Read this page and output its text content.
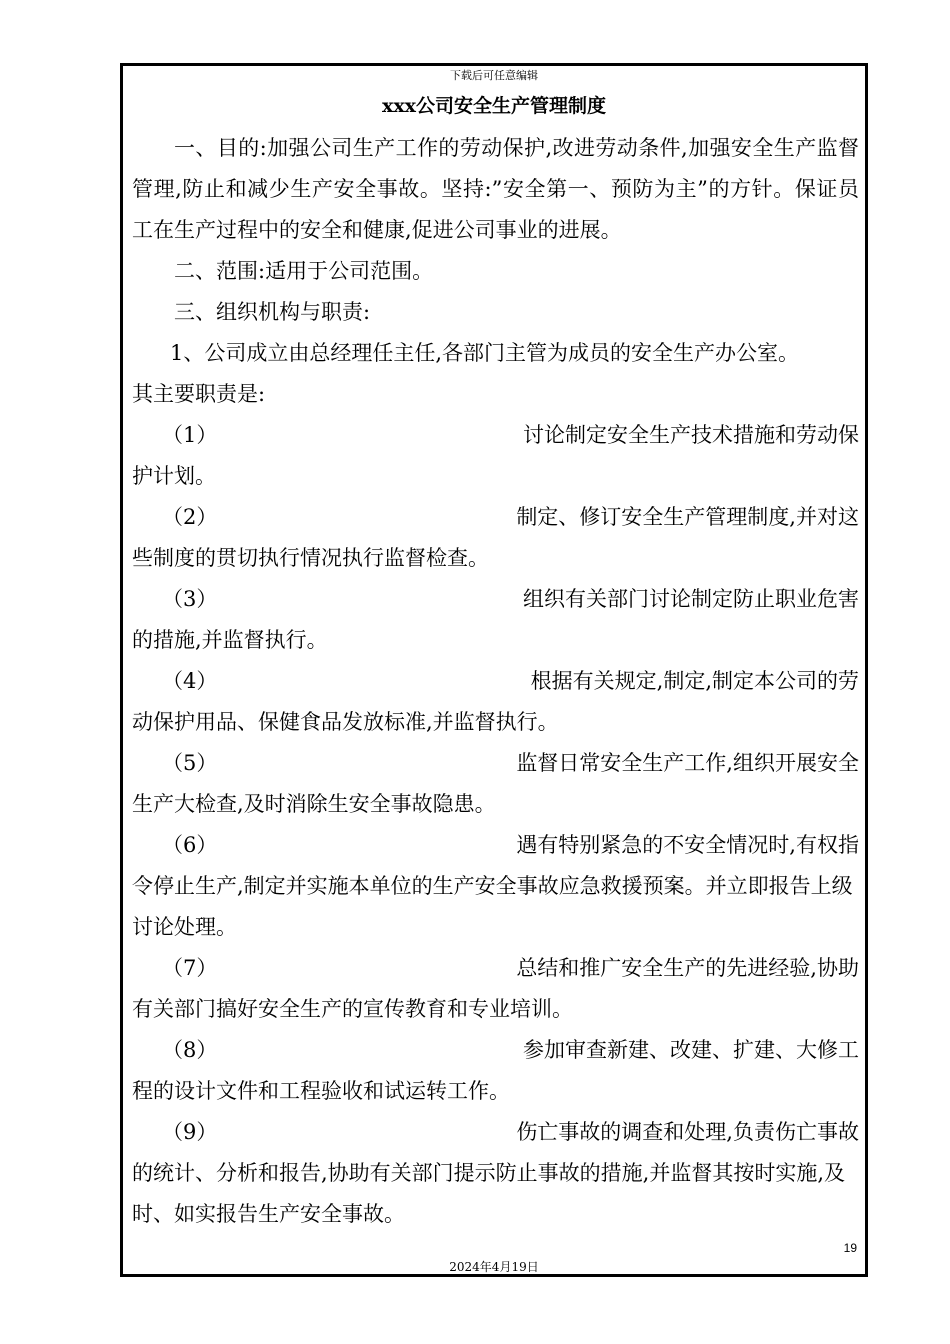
下载后可任意编辑
xxx公司安全生产管理制度

一、目的:加强公司生产工作的劳动保护,改进劳动条件,加强安全生产监督管理,防止和减少生产安全事故。坚持:”安全第一、预防为主”的方针。保证员工在生产过程中的安全和健康,促进公司事业的进展。

二、范围:适用于公司范围。

三、组织机构与职责:

1、公司成立由总经理任主任,各部门主管为成员的安全生产办公室。

其主要职责是:

（1）	讨论制定安全生产技术措施和劳动保
护计划。
（2）	制定、修订安全生产管理制度,并对这
些制度的贯切执行情况执行监督检查。
（3）	组织有关部门讨论制定防止职业危害
的措施,并监督执行。
（4）	根据有关规定,制定,制定本公司的劳
动保护用品、保健食品发放标准,并监督执行。
（5）	监督日常安全生产工作,组织开展安全
生产大检查,及时消除生安全事故隐患。
（6）	遇有特别紧急的不安全情况时,有权指
令停止生产,制定并实施本单位的生产安全事故应急救援预案。并立即报告上级讨论处理。
（7）	总结和推广安全生产的先进经验,协助
有关部门搞好安全生产的宣传教育和专业培训。
（8）	参加审查新建、改建、扩建、大修工
程的设计文件和工程验收和试运转工作。
（9）	伤亡事故的调查和处理,负责伤亡事故
的统计、分析和报告,协助有关部门提示防止事故的措施,并监督其按时实施,及时、如实报告生产安全事故。
19
2024年4月19日
